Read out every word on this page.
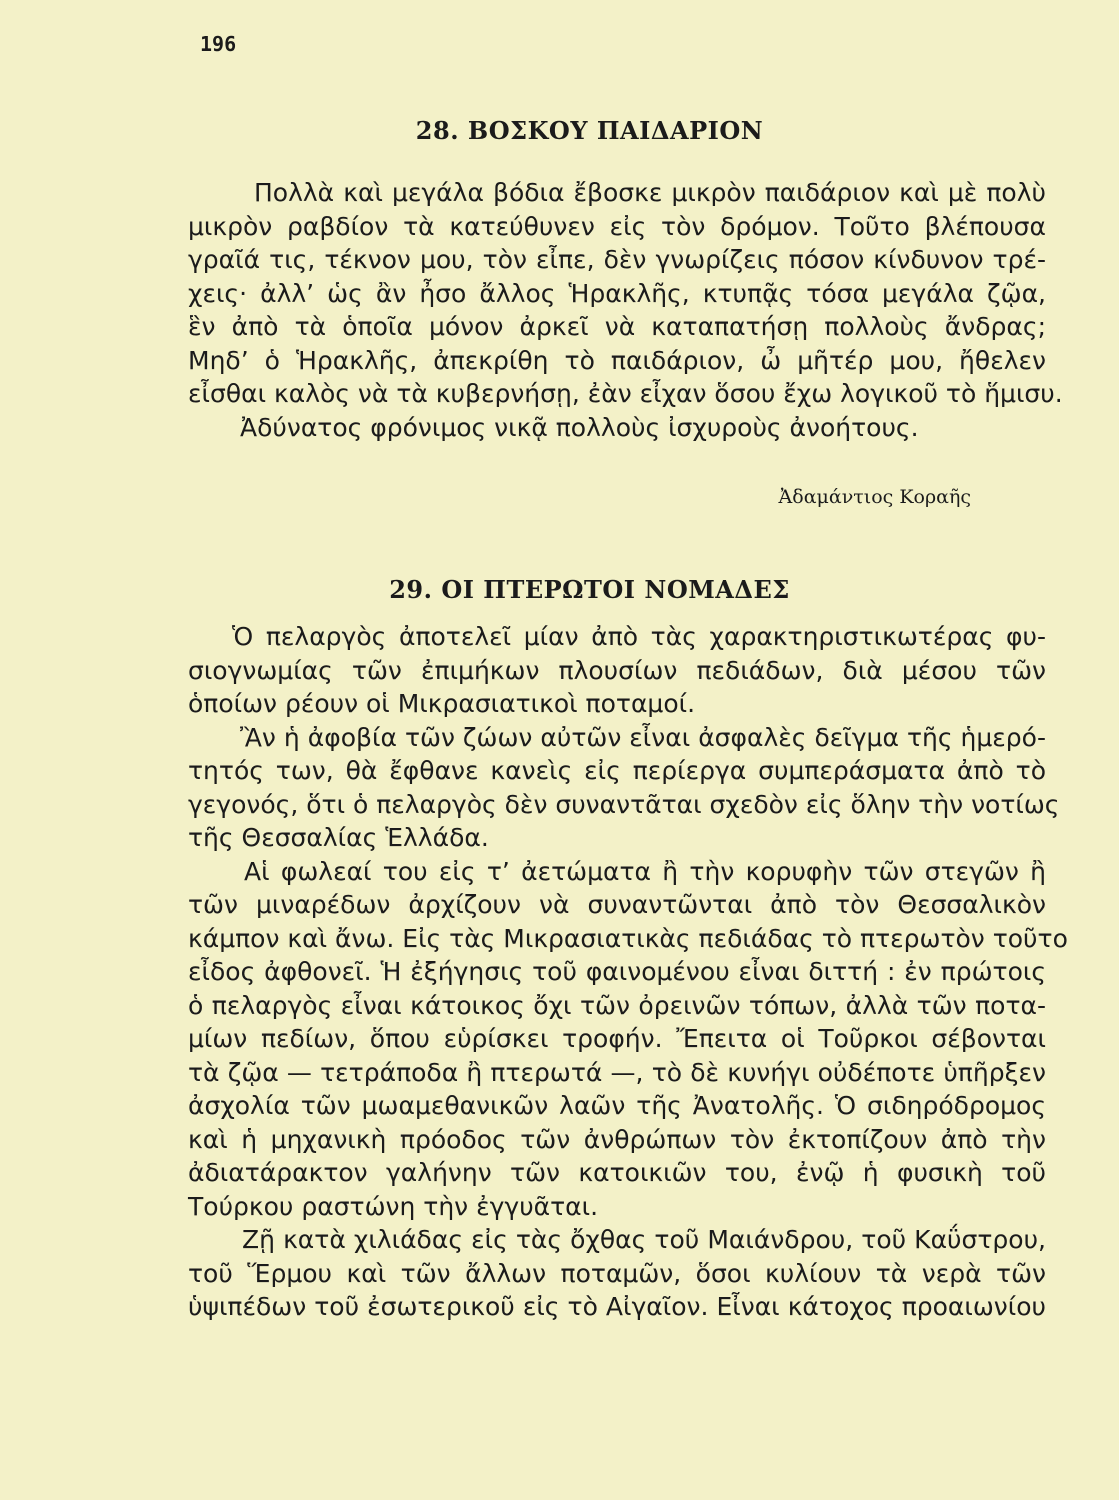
196
28. ΒΟΣΚΟΥ ΠΑΙΔΑΡΙΟΝ
Πολλὰ καὶ μεγάλα βόδια ἔβοσκε μικρὸν παιδάριον καὶ μὲ πολὺ
μικρὸν ραβδίον τὰ κατεύθυνεν εἰς τὸν δρόμον. Τοῦτο βλέπουσα
γραῖά τις, τέκνον μου, τὸν εἶπε, δὲν γνωρίζεις πόσον κίνδυνον τρέ-
χεις· ἀλλ’ ὡς ἂν ἦσο ἄλλος Ἡρακλῆς, κτυπᾷς τόσα μεγάλα ζῷα,
ἓν ἀπὸ τὰ ὁποῖα μόνον ἀρκεῖ νὰ καταπατήσῃ πολλοὺς ἄνδρας;
Μηδ’ ὁ Ἡρακλῆς, ἀπεκρίθη τὸ παιδάριον, ὦ μῆτέρ μου, ἤθελεν
εἶσθαι καλὸς νὰ τὰ κυβερνήσῃ, ἐὰν εἶχαν ὅσου ἔχω λογικοῦ τὸ ἥμισυ.
Ἀδύνατος φρόνιμος νικᾷ πολλοὺς ἰσχυροὺς ἀνοήτους.
Ἀδαμάντιος Κοραῆς
29. ΟΙ ΠΤΕΡΩΤΟΙ ΝΟΜΑΔΕΣ
Ὁ πελαργὸς ἀποτελεῖ μίαν ἀπὸ τὰς χαρακτηριστικωτέρας φυ-
σιογνωμίας τῶν ἐπιμήκων πλουσίων πεδιάδων, διὰ μέσου τῶν
ὁποίων ρέουν οἱ Μικρασιατικοὶ ποταμοί.
Ἂν ἡ ἀφοβία τῶν ζώων αὐτῶν εἶναι ἀσφαλὲς δεῖγμα τῆς ἡμερό-
τητός των, θὰ ἔφθανε κανεὶς εἰς περίεργα συμπεράσματα ἀπὸ τὸ
γεγονός, ὅτι ὁ πελαργὸς δὲν συναντᾶται σχεδὸν εἰς ὅλην τὴν νοτίως
τῆς Θεσσαλίας Ἑλλάδα.
Αἱ φωλεαί του εἰς τ’ ἀετώματα ἢ τὴν κορυφὴν τῶν στεγῶν ἢ
τῶν μιναρέδων ἀρχίζουν νὰ συναντῶνται ἀπὸ τὸν Θεσσαλικὸν
κάμπον καὶ ἄνω. Εἰς τὰς Μικρασιατικὰς πεδιάδας τὸ πτερωτὸν τοῦτο
εἶδος ἀφθονεῖ. Ἡ ἐξήγησις τοῦ φαινομένου εἶναι διττή : ἐν πρώτοις
ὁ πελαργὸς εἶναι κάτοικος ὄχι τῶν ὀρεινῶν τόπων, ἀλλὰ τῶν ποτα-
μίων πεδίων, ὅπου εὑρίσκει τροφήν. Ἔπειτα οἱ Τοῦρκοι σέβονται
τὰ ζῷα — τετράποδα ἢ πτερωτά —, τὸ δὲ κυνήγι οὐδέποτε ὑπῆρξεν
ἀσχολία τῶν μωαμεθανικῶν λαῶν τῆς Ἀνατολῆς. Ὁ σιδηρόδρομος
καὶ ἡ μηχανικὴ πρόοδος τῶν ἀνθρώπων τὸν ἐκτοπίζουν ἀπὸ τὴν
ἀδιατάρακτον γαλήνην τῶν κατοικιῶν του, ἐνῷ ἡ φυσικὴ τοῦ
Τούρκου ραστώνη τὴν ἐγγυᾶται.
Ζῇ κατὰ χιλιάδας εἰς τὰς ὄχθας τοῦ Μαιάνδρου, τοῦ Καΰστρου,
τοῦ Ἕρμου καὶ τῶν ἄλλων ποταμῶν, ὅσοι κυλίουν τὰ νερὰ τῶν
ὑψιπέδων τοῦ ἐσωτερικοῦ εἰς τὸ Αἰγαῖον. Εἶναι κάτοχος προαιωνίου
